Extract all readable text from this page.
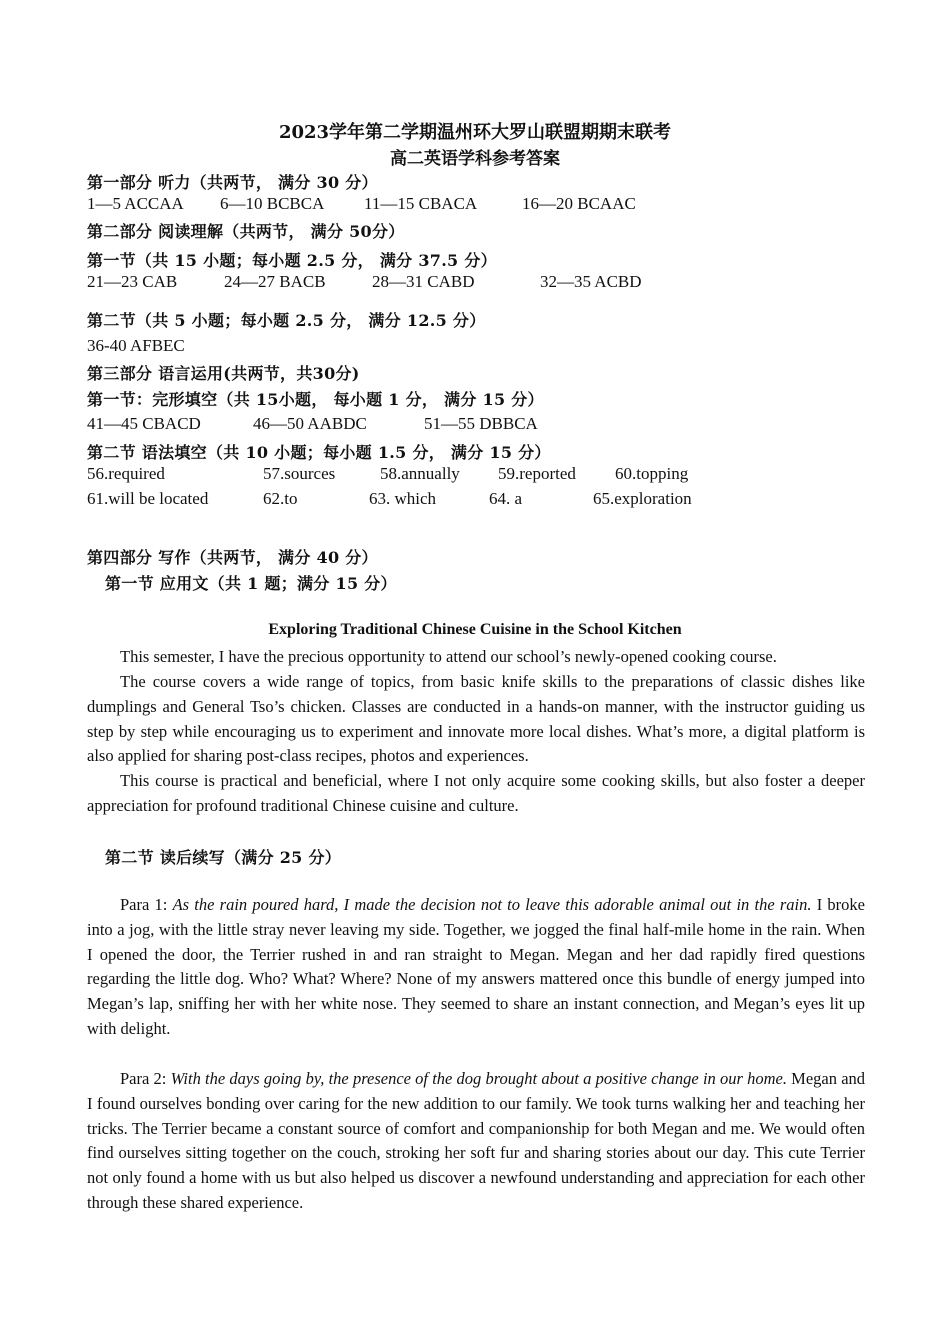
2023学年第二学期温州环大罗山联盟期期末联考
高二英语学科参考答案
第一部分 听力（共两节， 满分 30 分）
1—5 ACCAA 6—10 BCBCA 11—15 CBACA	16—20 BCAAC
第二部分 阅读理解（共两节， 满分 50分）
第一节（共 15 小题；每小题 2.5 分， 满分 37.5 分）
21—23 CAB	24—27 BACB	28—31 CABD	32—35 ACBD
第二节（共 5 小题；每小题 2.5 分， 满分 12.5 分）
36-40 AFBEC
第三部分 语言运用(共两节，共30分)
第一节：完形填空（共 15小题， 每小题 1 分， 满分 15 分）
41—45 CBACD	46—50 AABDC	51—55 DBBCA
第二节 语法填空（共 10 小题；每小题 1.5 分， 满分 15 分）
56.required	57.sources	58.annually 59.reported 60.topping
61.will be located	62.to	63. which	64. a	65.exploration
第四部分 写作（共两节， 满分 40 分）
第一节 应用文（共 1 题；满分 15 分）
Exploring Traditional Chinese Cuisine in the School Kitchen

This semester, I have the precious opportunity to attend our school’s newly-opened cooking course.

The course covers a wide range of topics, from basic knife skills to the preparations of classic dishes like dumplings and General Tso’s chicken. Classes are conducted in a hands-on manner, with the instructor guiding us step by step while encouraging us to experiment and innovate more local dishes. What’s more, a digital platform is also applied for sharing post-class recipes, photos and experiences.

This course is practical and beneficial, where I not only acquire some cooking skills, but also foster a deeper appreciation for profound traditional Chinese cuisine and culture.

第二节 读后续写（满分 25 分）

Para 1: As the rain poured hard, I made the decision not to leave this adorable animal out in the rain. I broke into a jog, with the little stray never leaving my side. Together, we jogged the final half-mile home in the rain. When I opened the door, the Terrier rushed in and ran straight to Megan. Megan and her dad rapidly fired questions regarding the little dog. Who? What? Where? None of my answers mattered once this bundle of energy jumped into Megan’s lap, sniffing her with her white nose. They seemed to share an instant connection, and Megan’s eyes lit up with delight.

Para 2: With the days going by, the presence of the dog brought about a positive change in our home. Megan and I found ourselves bonding over caring for the new addition to our family. We took turns walking her and teaching her tricks. The Terrier became a constant source of comfort and companionship for both Megan and me. We would often find ourselves sitting together on the couch, stroking her soft fur and sharing stories about our day. This cute Terrier not only found a home with us but also helped us discover a newfound understanding and appreciation for each other through these shared experience.
